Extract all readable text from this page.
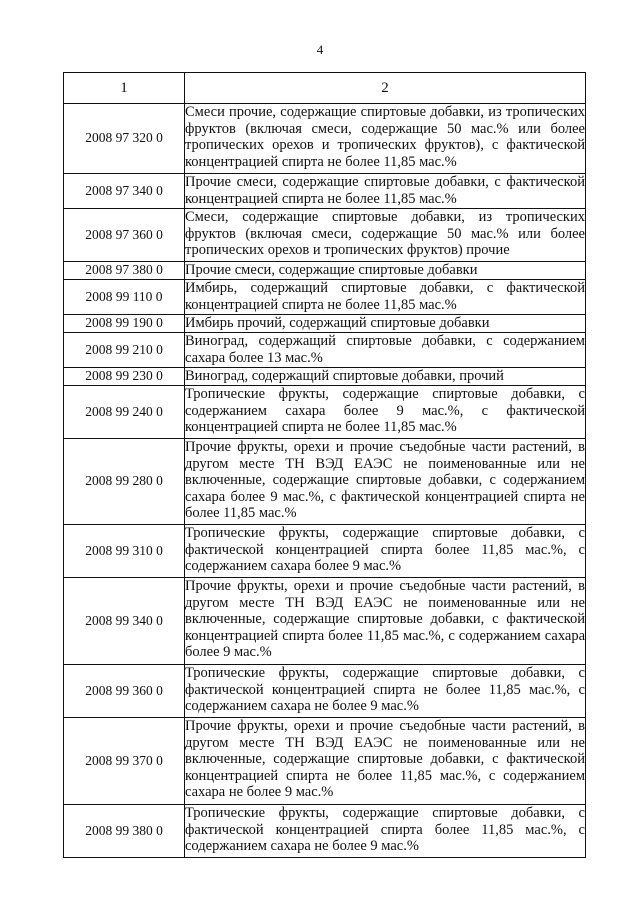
4
1	2
2008 97 320 0	Смеси прочие, содержащие спиртовые добавки, из тропических фруктов (включая смеси, содержащие 50 мас.% или более тропических орехов и тропических фруктов), с фактической концентрацией спирта не более 11,85 мас.%
2008 97 340 0	Прочие смеси, содержащие спиртовые добавки, с фактической концентрацией спирта не более 11,85 мас.%
2008 97 360 0	Смеси, содержащие спиртовые добавки, из тропических фруктов (включая смеси, содержащие 50 мас.% или более тропических орехов и тропических фруктов) прочие
2008 97 380 0	Прочие смеси, содержащие спиртовые добавки
2008 99 110 0	Имбирь, содержащий спиртовые добавки, с фактической концентрацией спирта не более 11,85 мас.%
2008 99 190 0	Имбирь прочий, содержащий спиртовые добавки
2008 99 210 0	Виноград, содержащий спиртовые добавки, с содержанием сахара более 13 мас.%
2008 99 230 0	Виноград, содержащий спиртовые добавки, прочий
2008 99 240 0	Тропические фрукты, содержащие спиртовые добавки, с содержанием сахара более 9 мас.%, с фактической концентрацией спирта не более 11,85 мас.%
2008 99 280 0	Прочие фрукты, орехи и прочие съедобные части растений, в другом месте ТН ВЭД ЕАЭС не поименованные или не включенные, содержащие спиртовые добавки, с содержанием сахара более 9 мас.%, с фактической концентрацией спирта не более 11,85 мас.%
2008 99 310 0	Тропические фрукты, содержащие спиртовые добавки, с фактической концентрацией спирта более 11,85 мас.%, с содержанием сахара более 9 мас.%
2008 99 340 0	Прочие фрукты, орехи и прочие съедобные части растений, в другом месте ТН ВЭД ЕАЭС не поименованные или не включенные, содержащие спиртовые добавки, с фактической концентрацией спирта более 11,85 мас.%, с содержанием сахара более 9 мас.%
2008 99 360 0	Тропические фрукты, содержащие спиртовые добавки, с фактической концентрацией спирта не более 11,85 мас.%, с содержанием сахара не более 9 мас.%
2008 99 370 0	Прочие фрукты, орехи и прочие съедобные части растений, в другом месте ТН ВЭД ЕАЭС не поименованные или не включенные, содержащие спиртовые добавки, с фактической концентрацией спирта не более 11,85 мас.%, с содержанием сахара не более 9 мас.%
2008 99 380 0	Тропические фрукты, содержащие спиртовые добавки, с фактической концентрацией спирта более 11,85 мас.%, с содержанием сахара не более 9 мас.%
